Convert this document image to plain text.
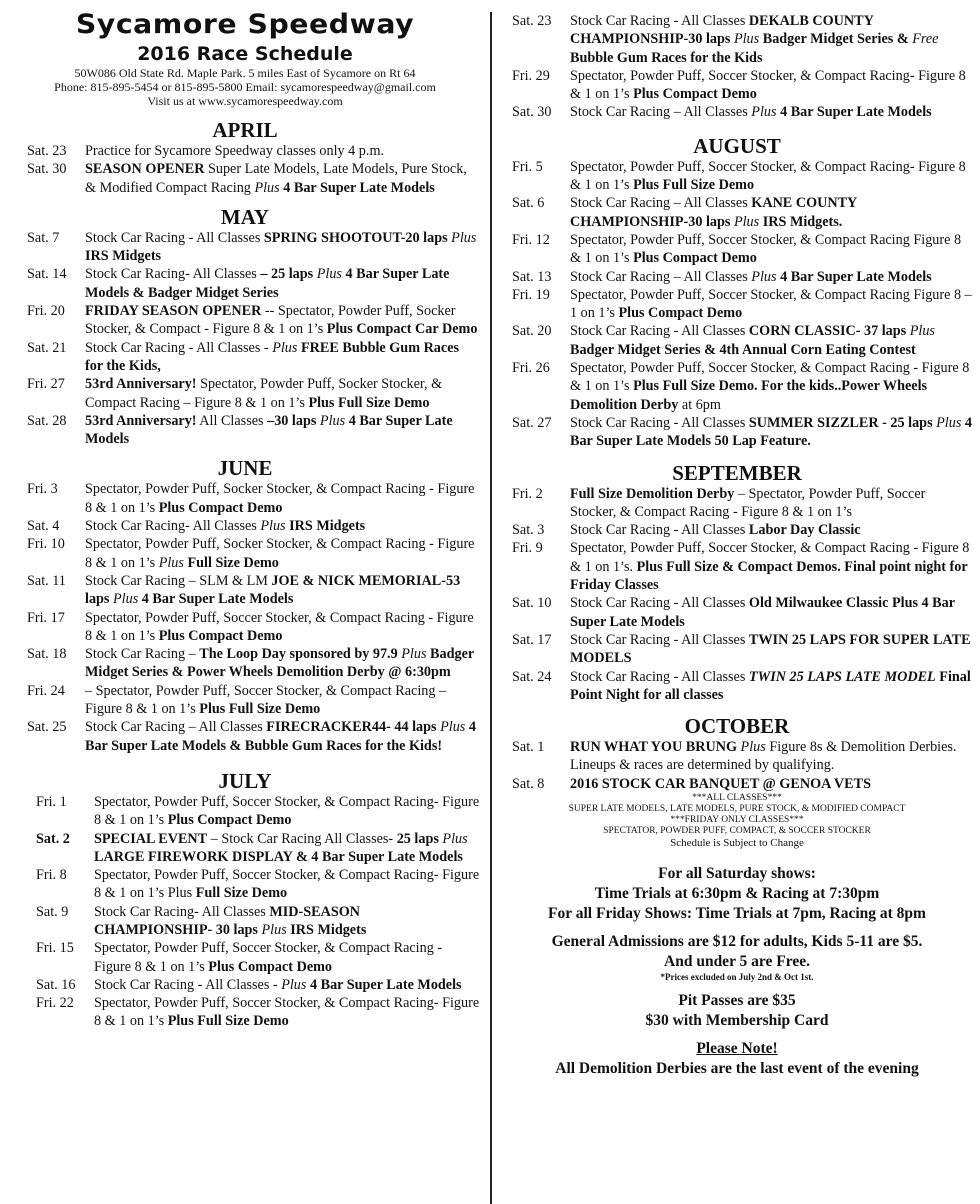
Sycamore Speedway
2016 Race Schedule
50W086 Old State Rd. Maple Park. 5 miles East of Sycamore on Rt 64
Phone: 815-895-5454 or 815-895-5800 Email: sycamorespeedway@gmail.com
Visit us at www.sycamorespeedway.com
APRIL
Sat. 23	Practice for Sycamore Speedway classes only 4 p.m.
Sat. 30	SEASON OPENER Super Late Models, Late Models, Pure Stock, & Modified Compact Racing Plus 4 Bar Super Late Models
MAY
Sat. 7	Stock Car Racing - All Classes SPRING SHOOTOUT-20 laps Plus IRS Midgets
Sat. 14	Stock Car Racing- All Classes – 25 laps Plus 4 Bar Super Late Models & Badger Midget Series
Fri. 20	FRIDAY SEASON OPENER -- Spectator, Powder Puff, Socker Stocker, & Compact - Figure 8 & 1 on 1’s Plus Compact Car Demo
Sat. 21	Stock Car Racing - All Classes - Plus FREE Bubble Gum Races for the Kids,
Fri. 27	53rd Anniversary! Spectator, Powder Puff, Socker Stocker, & Compact Racing – Figure 8 & 1 on 1’s Plus Full Size Demo
Sat. 28	53rd Anniversary! All Classes –30 laps Plus 4 Bar Super Late Models
JUNE
Fri. 3	Spectator, Powder Puff, Socker Stocker, & Compact Racing - Figure 8 & 1 on 1’s Plus Compact Demo
Sat. 4	Stock Car Racing- All Classes Plus IRS Midgets
Fri. 10	Spectator, Powder Puff, Socker Stocker, & Compact Racing - Figure 8 & 1 on 1’s Plus Full Size Demo
Sat. 11	Stock Car Racing – SLM & LM JOE & NICK MEMORIAL-53 laps Plus 4 Bar Super Late Models
Fri. 17	Spectator, Powder Puff, Soccer Stocker, & Compact Racing - Figure 8 & 1 on 1’s Plus Compact Demo
Sat. 18	Stock Car Racing – The Loop Day sponsored by 97.9 Plus Badger Midget Series & Power Wheels Demolition Derby @ 6:30pm
Fri. 24	– Spectator, Powder Puff, Soccer Stocker, & Compact Racing – Figure 8 & 1 on 1’s Plus Full Size Demo
Sat. 25	Stock Car Racing – All Classes FIRECRACKER44- 44 laps Plus 4 Bar Super Late Models & Bubble Gum Races for the Kids!
JULY
Fri. 1	Spectator, Powder Puff, Soccer Stocker, & Compact Racing- Figure 8 & 1 on 1’s Plus Compact Demo
Sat. 2	SPECIAL EVENT – Stock Car Racing All Classes- 25 laps Plus LARGE FIREWORK DISPLAY & 4 Bar Super Late Models
Fri. 8	Spectator, Powder Puff, Soccer Stocker, & Compact Racing- Figure 8 & 1 on 1’s Plus Full Size Demo
Sat. 9	Stock Car Racing- All Classes MID-SEASON CHAMPIONSHIP- 30 laps Plus IRS Midgets
Fri. 15	Spectator, Powder Puff, Soccer Stocker, & Compact Racing - Figure 8 & 1 on 1’s Plus Compact Demo
Sat. 16	Stock Car Racing - All Classes - Plus 4 Bar Super Late Models
Fri. 22	Spectator, Powder Puff, Soccer Stocker, & Compact Racing- Figure 8 & 1 on 1’s Plus Full Size Demo
Sat. 23	Stock Car Racing - All Classes DEKALB COUNTY CHAMPIONSHIP-30 laps Plus Badger Midget Series & Free Bubble Gum Races for the Kids
Fri. 29	Spectator, Powder Puff, Soccer Stocker, & Compact Racing- Figure 8 & 1 on 1’s Plus Compact Demo
Sat. 30	Stock Car Racing – All Classes Plus 4 Bar Super Late Models
AUGUST
Fri. 5	Spectator, Powder Puff, Soccer Stocker, & Compact Racing- Figure 8 & 1 on 1’s Plus Full Size Demo
Sat. 6	Stock Car Racing – All Classes KANE COUNTY CHAMPIONSHIP-30 laps Plus IRS Midgets.
Fri. 12	Spectator, Powder Puff, Soccer Stocker, & Compact Racing Figure 8 & 1 on 1’s Plus Compact Demo
Sat. 13	Stock Car Racing – All Classes Plus 4 Bar Super Late Models
Fri. 19	Spectator, Powder Puff, Soccer Stocker, & Compact Racing Figure 8 – 1 on 1’s Plus Compact Demo
Sat. 20	Stock Car Racing - All Classes CORN CLASSIC- 37 laps Plus Badger Midget Series & 4th Annual Corn Eating Contest
Fri. 26	Spectator, Powder Puff, Soccer Stocker, & Compact Racing - Figure 8 & 1 on 1’s Plus Full Size Demo. For the kids..Power Wheels Demolition Derby at 6pm
Sat. 27	Stock Car Racing - All Classes SUMMER SIZZLER - 25 laps Plus 4 Bar Super Late Models 50 Lap Feature.
SEPTEMBER
Fri. 2	Full Size Demolition Derby – Spectator, Powder Puff, Soccer Stocker, & Compact Racing - Figure 8 & 1 on 1’s
Sat. 3	Stock Car Racing - All Classes Labor Day Classic
Fri. 9	Spectator, Powder Puff, Soccer Stocker, & Compact Racing - Figure 8 & 1 on 1’s. Plus Full Size & Compact Demos. Final point night for Friday Classes
Sat. 10	Stock Car Racing - All Classes Old Milwaukee Classic Plus 4 Bar Super Late Models
Sat. 17	Stock Car Racing - All Classes TWIN 25 LAPS FOR SUPER LATE MODELS
Sat. 24	Stock Car Racing - All Classes TWIN 25 LAPS LATE MODEL Final Point Night for all classes
OCTOBER
Sat. 1	RUN WHAT YOU BRUNG Plus Figure 8s & Demolition Derbies. Lineups & races are determined by qualifying.
Sat. 8	2016 STOCK CAR BANQUET @ GENOA VETS
***ALL CLASSES***
SUPER LATE MODELS, LATE MODELS, PURE STOCK, & MODIFIED COMPACT
***FRIDAY ONLY CLASSES***
SPECTATOR, POWDER PUFF, COMPACT, & SOCCER STOCKER
Schedule is Subject to Change
For all Saturday shows:
Time Trials at 6:30pm & Racing at 7:30pm
For all Friday Shows: Time Trials at 7pm, Racing at 8pm
General Admissions are $12 for adults, Kids 5-11 are $5.
And under 5 are Free.
*Prices excluded on July 2nd & Oct 1st.
Pit Passes are $35
$30 with Membership Card
Please Note!
All Demolition Derbies are the last event of the evening
